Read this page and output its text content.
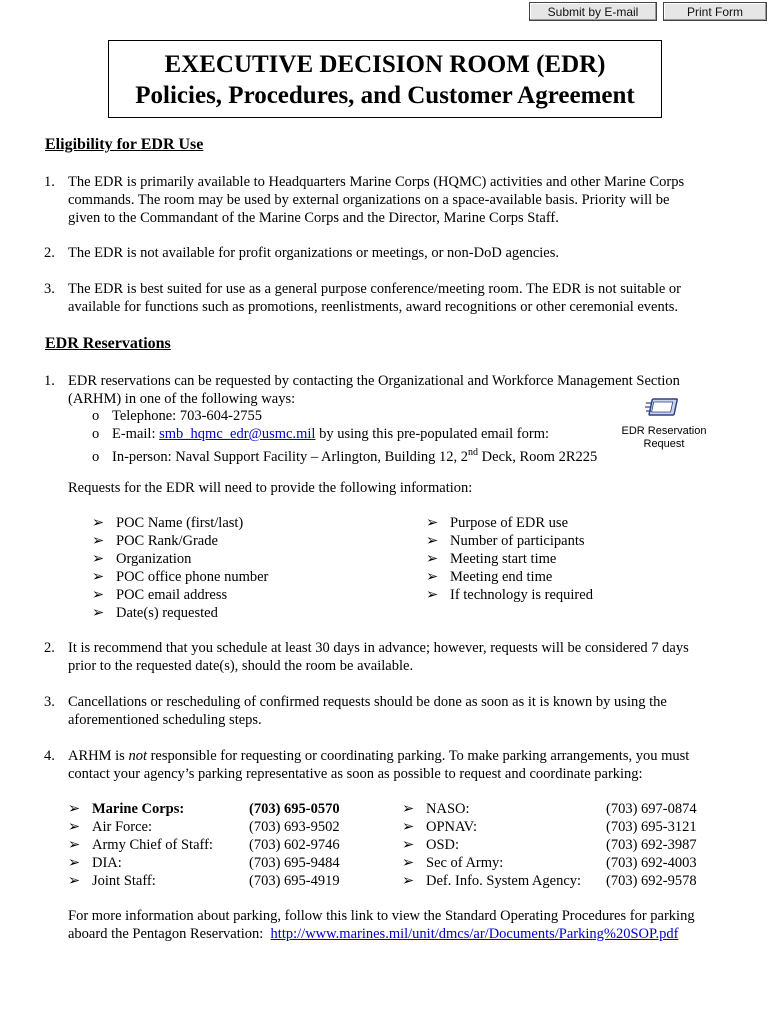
Submit by E-mail	Print Form
EXECUTIVE DECISION ROOM (EDR)
Policies, Procedures, and Customer Agreement
Eligibility for EDR Use
1. The EDR is primarily available to Headquarters Marine Corps (HQMC) activities and other Marine Corps
commands. The room may be used by external organizations on a space-available basis. Priority will be
given to the Commandant of the Marine Corps and the Director, Marine Corps Staff.
2. The EDR is not available for profit organizations or meetings, or non-DoD agencies.
3. The EDR is best suited for use as a general purpose conference/meeting room. The EDR is not suitable or
available for functions such as promotions, reenlistments, award recognitions or other ceremonial events.
EDR Reservations
1. EDR reservations can be requested by contacting the Organizational and Workforce Management Section
(ARHM) in one of the following ways:
o Telephone: 703-604-2755
o E-mail: smb_hqmc_edr@usmc.mil by using this pre-populated email form:
o In-person: Naval Support Facility – Arlington, Building 12, 2nd Deck, Room 2R225
EDR Reservation
Request
Requests for the EDR will need to provide the following information:
➢ POC Name (first/last)
➢ POC Rank/Grade
➢ Organization
➢ POC office phone number
➢ POC email address
➢ Date(s) requested
➢ Purpose of EDR use
➢ Number of participants
➢ Meeting start time
➢ Meeting end time
➢ If technology is required
2. It is recommend that you schedule at least 30 days in advance; however, requests will be considered 7 days
prior to the requested date(s), should the room be available.
3. Cancellations or rescheduling of confirmed requests should be done as soon as it is known by using the
aforementioned scheduling steps.
4. ARHM is not responsible for requesting or coordinating parking. To make parking arrangements, you must
contact your agency’s parking representative as soon as possible to request and coordinate parking:
➢ Marine Corps:	(703) 695-0570
➢ Air Force:	(703) 693-9502
➢ Army Chief of Staff: (703) 602-9746
➢ DIA:	(703) 695-9484
➢ Joint Staff:	(703) 695-4919
➢ NASO:	(703) 697-0874
➢ OPNAV:	(703) 695-3121
➢ OSD:	(703) 692-3987
➢ Sec of Army:	(703) 692-4003
➢ Def. Info. System Agency: (703) 692-9578
For more information about parking, follow this link to view the Standard Operating Procedures for parking
aboard the Pentagon Reservation:  http://www.marines.mil/unit/dmcs/ar/Documents/Parking%20SOP.pdf
